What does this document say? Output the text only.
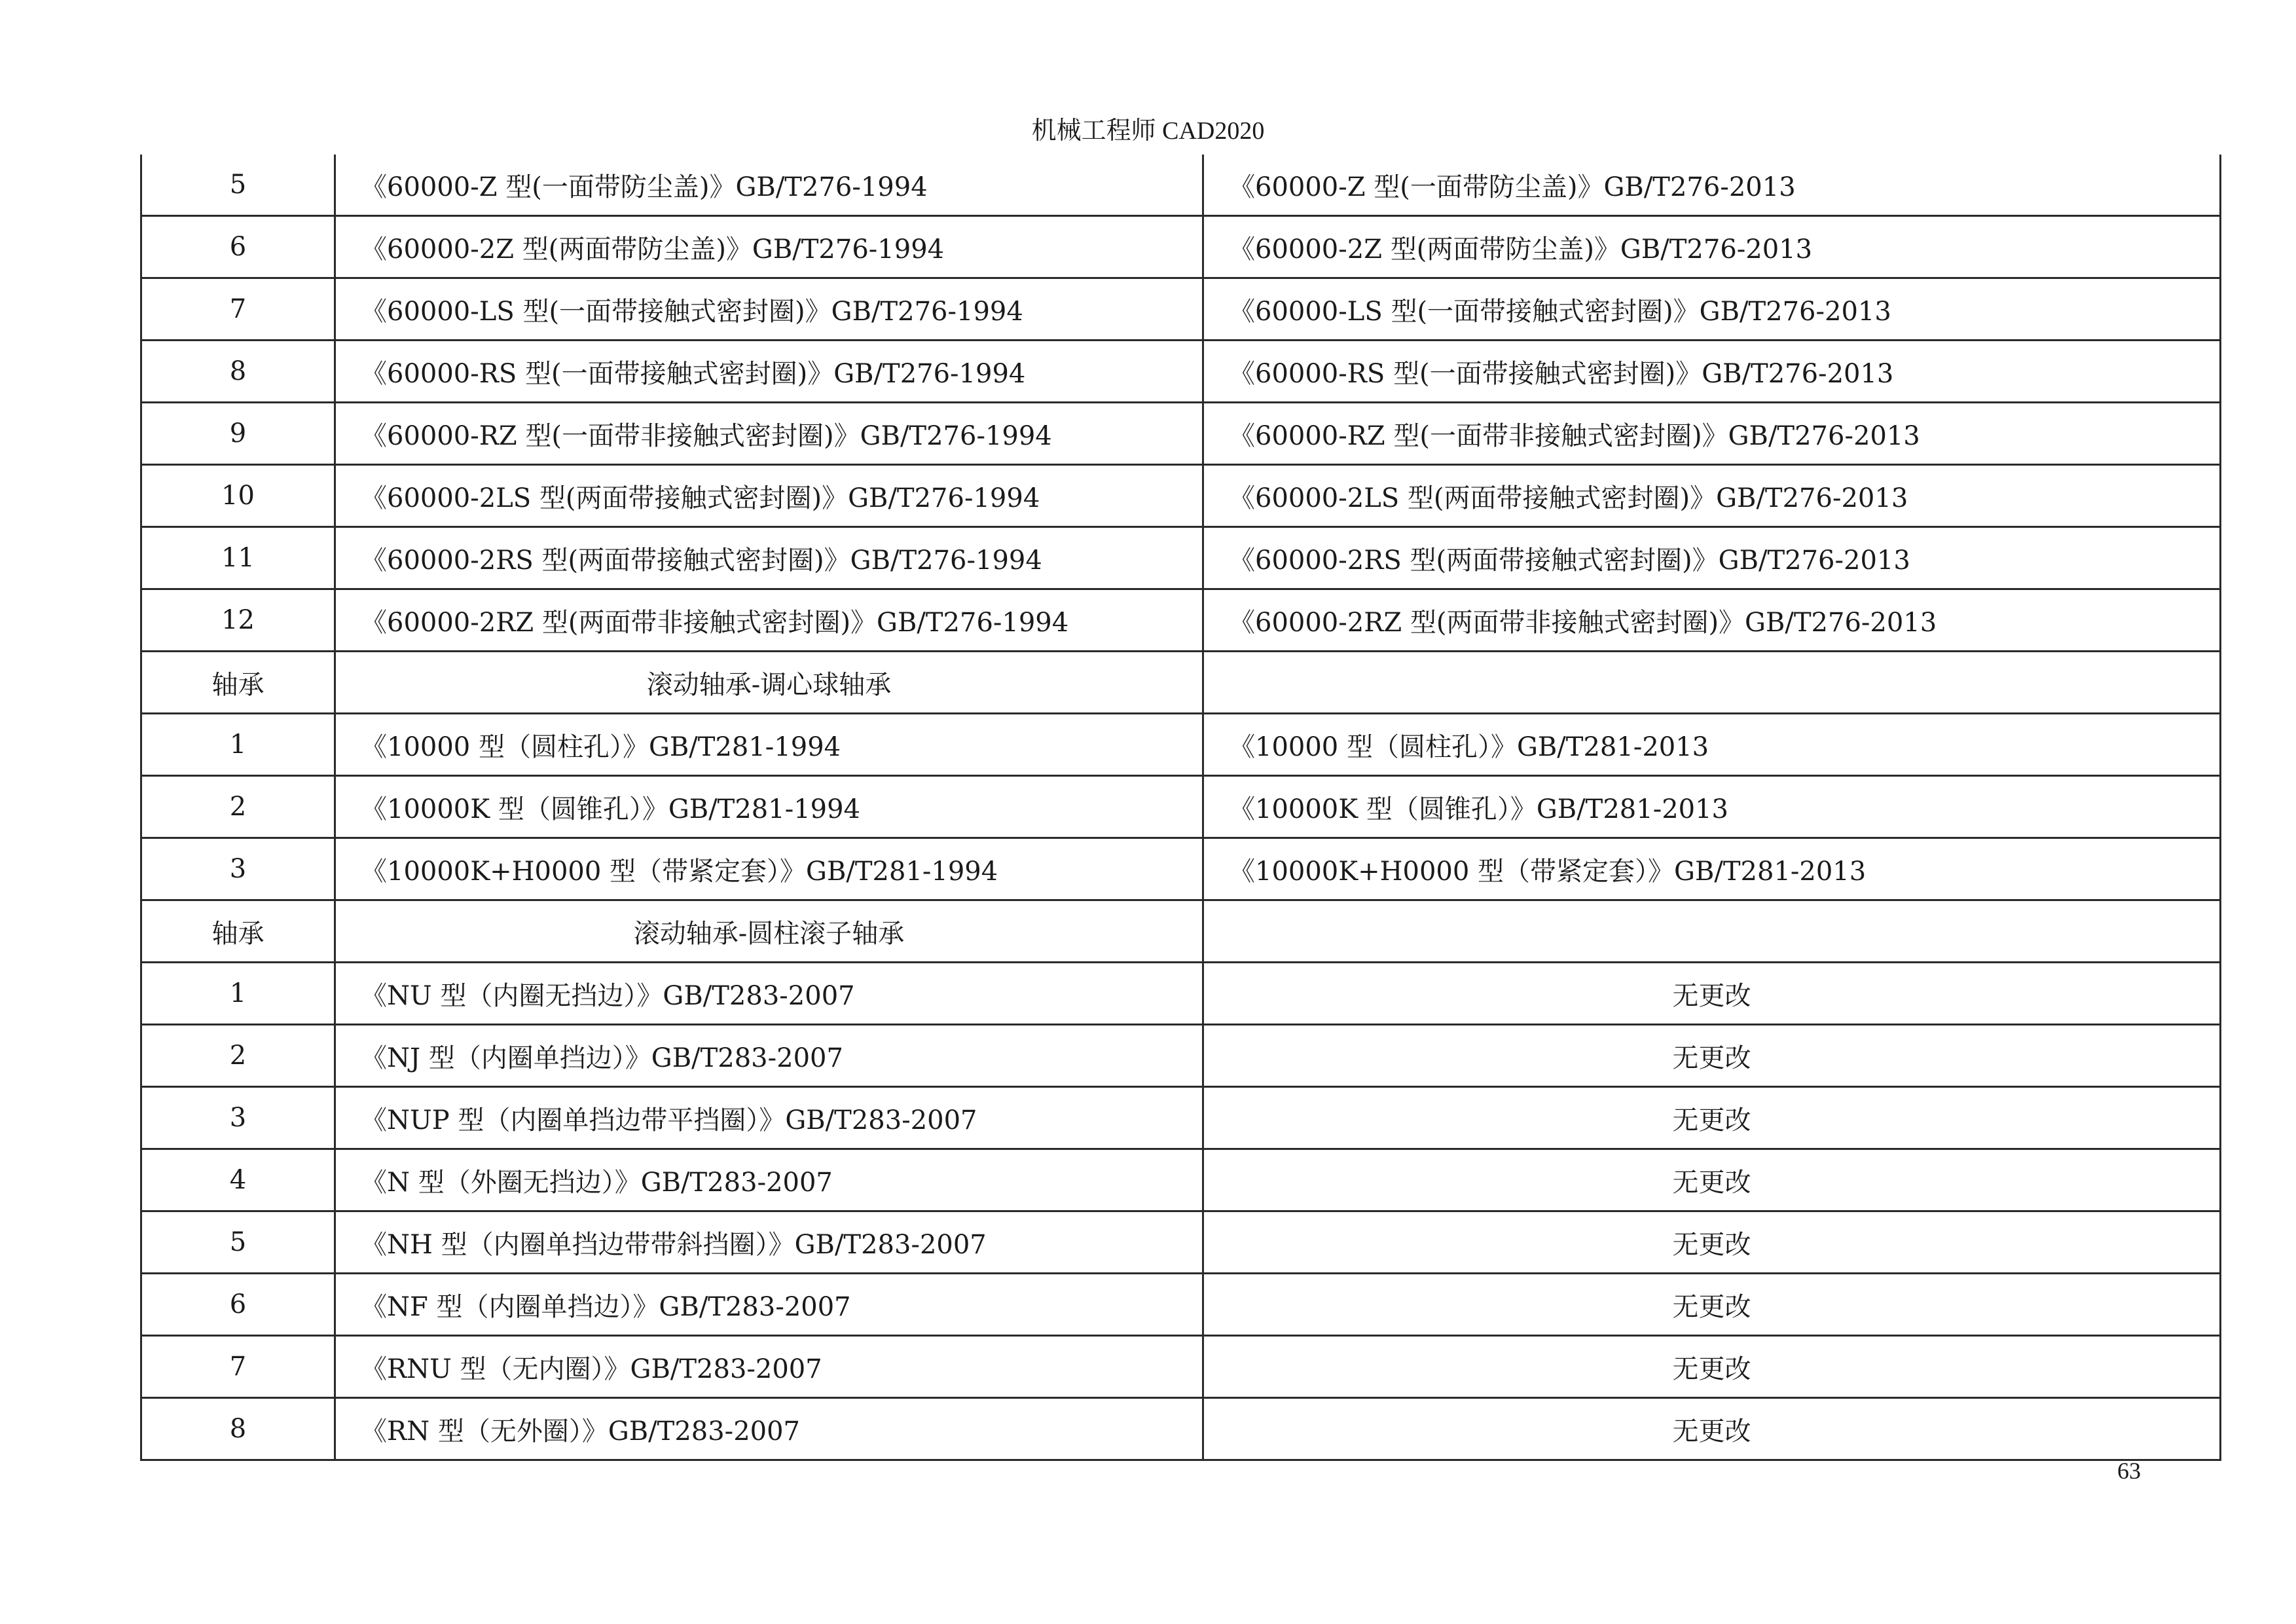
机械工程师 CAD2020
5	《60000-Z 型(一面带防尘盖)》GB/T276-1994	《60000-Z 型(一面带防尘盖)》GB/T276-2013
6	《60000-2Z 型(两面带防尘盖)》GB/T276-1994	《60000-2Z 型(两面带防尘盖)》GB/T276-2013
7	《60000-LS 型(一面带接触式密封圈)》GB/T276-1994	《60000-LS 型(一面带接触式密封圈)》GB/T276-2013
8	《60000-RS 型(一面带接触式密封圈)》GB/T276-1994	《60000-RS 型(一面带接触式密封圈)》GB/T276-2013
9	《60000-RZ 型(一面带非接触式密封圈)》GB/T276-1994	《60000-RZ 型(一面带非接触式密封圈)》GB/T276-2013
10	《60000-2LS 型(两面带接触式密封圈)》GB/T276-1994	《60000-2LS 型(两面带接触式密封圈)》GB/T276-2013
11	《60000-2RS 型(两面带接触式密封圈)》GB/T276-1994	《60000-2RS 型(两面带接触式密封圈)》GB/T276-2013
12	《60000-2RZ 型(两面带非接触式密封圈)》GB/T276-1994	《60000-2RZ 型(两面带非接触式密封圈)》GB/T276-2013
轴承	滚动轴承-调心球轴承	
1	《10000 型（圆柱孔）》GB/T281-1994	《10000 型（圆柱孔）》GB/T281-2013
2	《10000K 型（圆锥孔）》GB/T281-1994	《10000K 型（圆锥孔）》GB/T281-2013
3	《10000K+H0000 型（带紧定套）》GB/T281-1994	《10000K+H0000 型（带紧定套）》GB/T281-2013
轴承	滚动轴承-圆柱滚子轴承	
1	《NU 型（内圈无挡边）》GB/T283-2007	无更改
2	《NJ 型（内圈单挡边）》GB/T283-2007	无更改
3	《NUP 型（内圈单挡边带平挡圈）》GB/T283-2007	无更改
4	《N 型（外圈无挡边）》GB/T283-2007	无更改
5	《NH 型（内圈单挡边带带斜挡圈）》GB/T283-2007	无更改
6	《NF 型（内圈单挡边）》GB/T283-2007	无更改
7	《RNU 型（无内圈）》GB/T283-2007	无更改
8	《RN 型（无外圈）》GB/T283-2007	无更改
63
